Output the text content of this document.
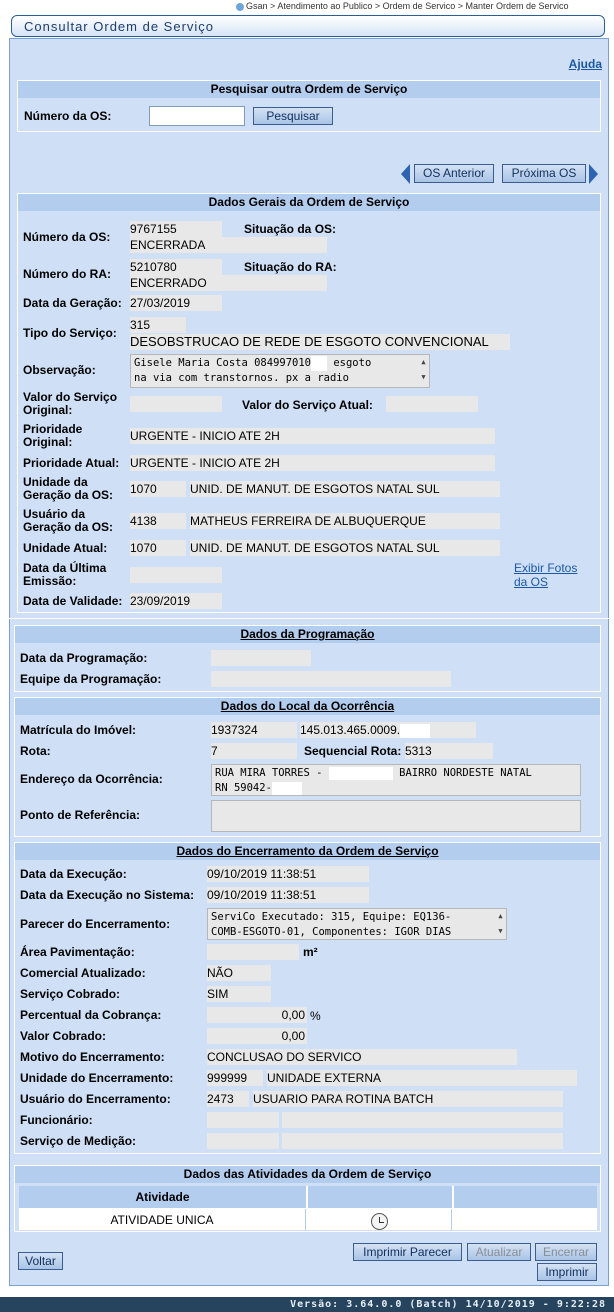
Gsan > Atendimento ao Publico > Ordem de Servico > Manter Ordem de Servico
Consultar Ordem de Serviço
Ajuda
Pesquisar outra Ordem de Serviço
Número da OS:	Pesquisar
OS Anterior	Próxima OS
Dados Gerais da Ordem de Serviço
Número da OS:
9767155	Situação da OS:
ENCERRADA
Número do RA: 5210780	Situação do RA:
ENCERRADO
Data da Geração: 27/03/2019
Tipo do Serviço:
315
DESOBSTRUCAO DE REDE DE ESGOTO CONVENCIONAL
Observação:	Gisele Maria Costa 084997010 esgoto
na via com transtornos. px a radio
▲
▼
Valor do Serviço
Original:	Valor do Serviço Atual:
Prioridade
Original:	URGENTE - INICIO ATE 2H
Prioridade Atual: URGENTE - INICIO ATE 2H
Unidade da
Geração da OS: 1070	UNID. DE MANUT. DE ESGOTOS NATAL SUL
Usuário da
Geração da OS: 4138	MATHEUS FERREIRA DE ALBUQUERQUE
Unidade Atual: 1070	UNID. DE MANUT. DE ESGOTOS NATAL SUL
Data da Última
Emissão:
Exibir Fotos
da OS
Data de Validade: 23/09/2019
Dados da Programação
Data da Programação:
Equipe da Programação:
Dados do Local da Ocorrência
Matrícula do Imóvel:	1937324	145.013.465.0009.
Rota:	7	Sequencial Rota: 5313
Endereço da Ocorrência:	RUA MIRA TORRES -	BAIRRO NORDESTE NATAL
RN 59042-
Ponto de Referência:
Dados do Encerramento da Ordem de Serviço
Data da Execução:	09/10/2019 11:38:51
Data da Execução no Sistema: 09/10/2019 11:38:51
Parecer do Encerramento:	ServiCo Executado: 315, Equipe: EQ136-
COMB-ESGOTO-01, Componentes: IGOR DIAS
▲
▼
Área Pavimentação:	m²
Comercial Atualizado:	NÃO
Serviço Cobrado:	SIM
Percentual da Cobrança:	0,00 %
Valor Cobrado:	0,00
Motivo do Encerramento:	CONCLUSAO DO SERVICO
Unidade do Encerramento:	999999	UNIDADE EXTERNA
Usuário do Encerramento:	2473	USUARIO PARA ROTINA BATCH
Funcionário:
Serviço de Medição:
Dados das Atividades da Ordem de Serviço
Atividade
ATIVIDADE UNICA
Voltar
Imprimir Parecer	Atualizar	Encerrar
Imprimir
Versão: 3.64.0.0 (Batch) 14/10/2019 - 9:22:28
